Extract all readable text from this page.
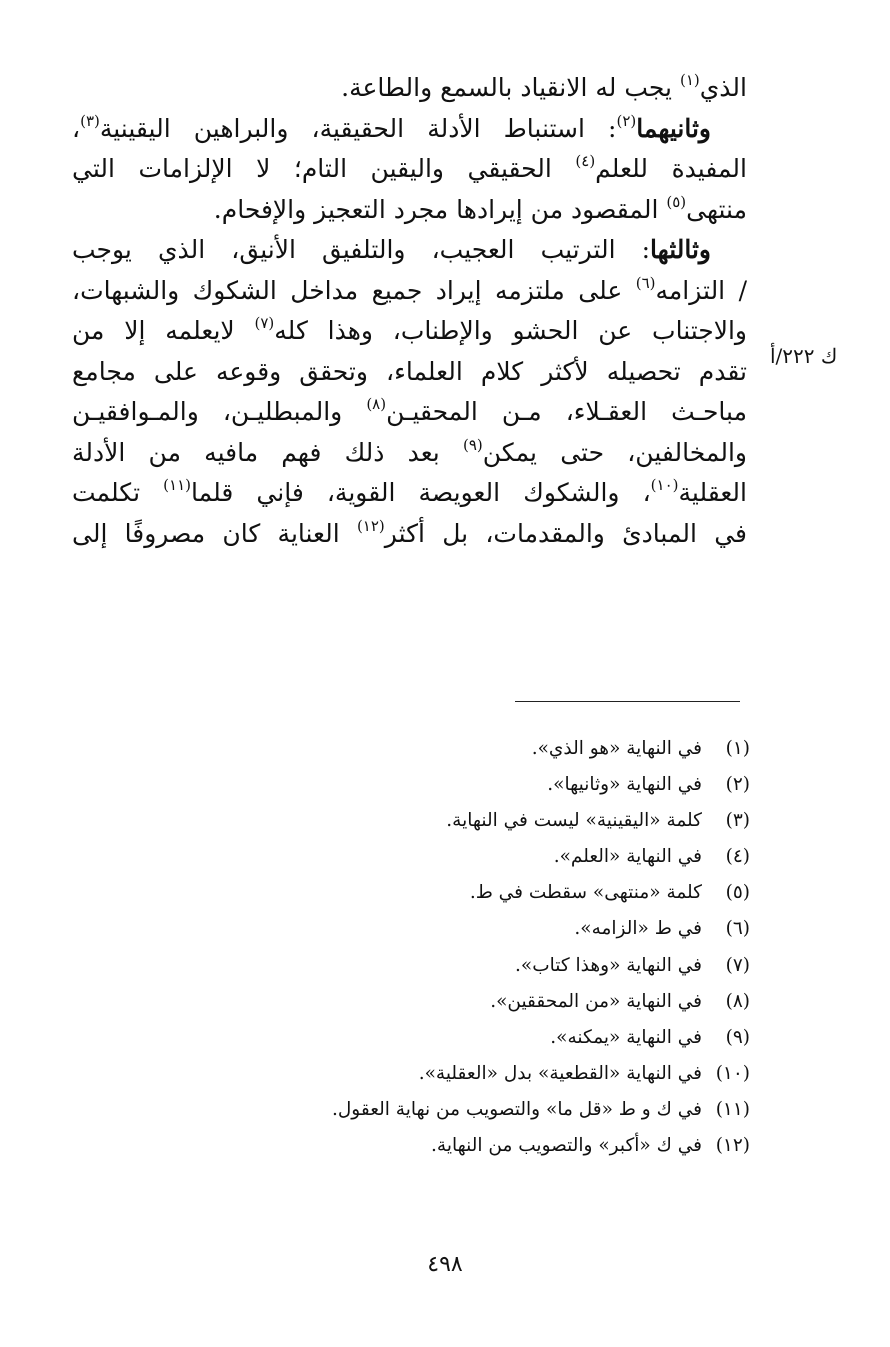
الذي$^{(١)}$ يجب له الانقياد بالسمع والطاعة.
وثانيهما$^{(٢)}$: استنباط الأدلة الحقيقية، والبراهين اليقينية$^{(٣)}$،
المفيدة للعلم$^{(٤)}$ الحقيقي واليقين التام؛ لا الإلزامات التي
منتهى$^{(٥)}$ المقصود من إيرادها مجرد التعجيز والإفحام.
وثالثها: الترتيب العجيب، والتلفيق الأنيق، الذي يوجب
/ التزامه$^{(٦)}$ على ملتزمه إيراد جميع مداخل الشكوك والشبهات،
والاجتناب عن الحشو والإطناب، وهذا كله$^{(٧)}$ لايعلمه إلا من
تقدم تحصيله لأكثر كلام العلماء، وتحقق وقوعه على مجامع
مباحـث العقـلاء، مـن المحقيـن$^{(٨)}$ والمبطليـن، والمـوافقيـن
والمخالفين، حتى يمكن$^{(٩)}$ بعد ذلك فهم مافيه من الأدلة
العقلية$^{(١٠)}$، والشكوك العويصة القوية، فإني قلما$^{(١١)}$ تكلمت
في المبادئ والمقدمات، بل أكثر$^{(١٢)}$ العناية كان مصروفًا إلى
ك ٢٢٢/أ
(١)في النهاية «هو الذي».
(٢)في النهاية «وثانيها».
(٣)كلمة «اليقينية» ليست في النهاية.
(٤)في النهاية «العلم».
(٥)كلمة «منتهى» سقطت في ط.
(٦)في ط «الزامه».
(٧)في النهاية «وهذا كتاب».
(٨)في النهاية «من المحققين».
(٩)في النهاية «يمكنه».
(١٠)في النهاية «القطعية» بدل «العقلية».
(١١)في ك و ط «قل ما» والتصويب من نهاية العقول.
(١٢)في ك «أكبر» والتصويب من النهاية.
٤٩٨
